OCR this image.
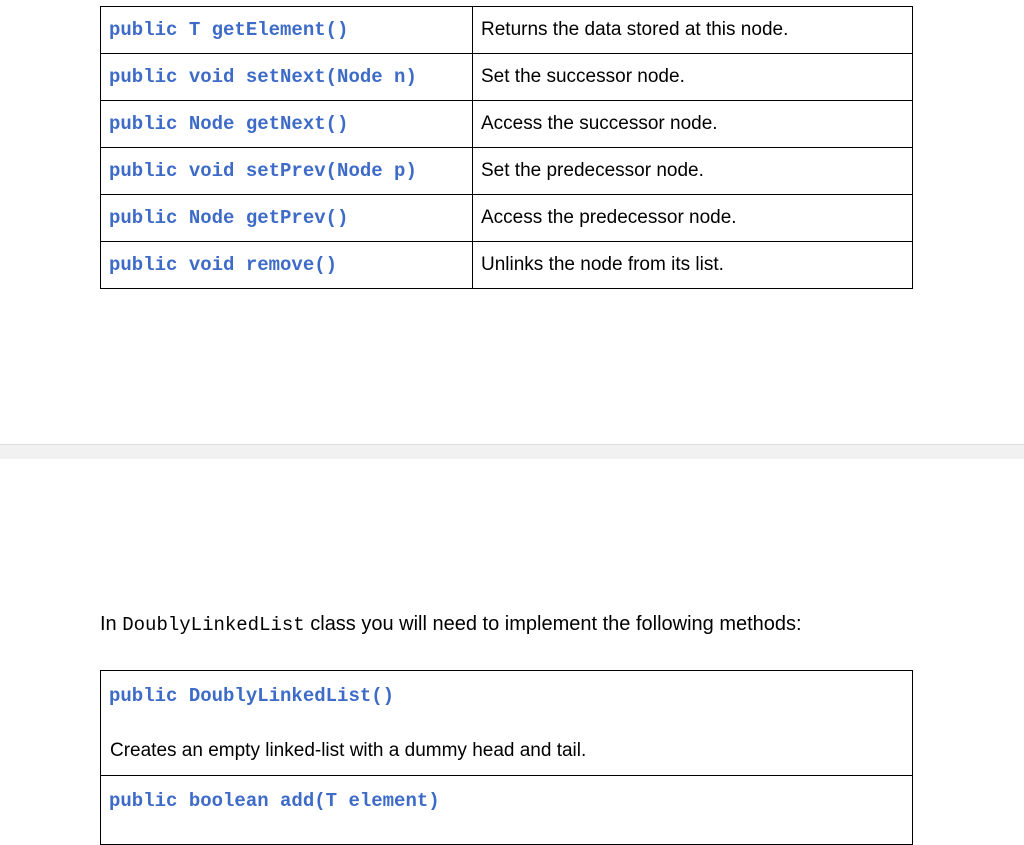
public T getElement()	Returns the data stored at this node.
public void setNext(Node n)	Set the successor node.
public Node getNext()	Access the successor node.
public void setPrev(Node p)	Set the predecessor node.
public Node getPrev()	Access the predecessor node.
public void remove()	Unlinks the node from its list.
In DoublyLinkedList class you will need to implement the following methods:
public DoublyLinkedList()
Creates an empty linked-list with a dummy head and tail.
public boolean add(T element)
